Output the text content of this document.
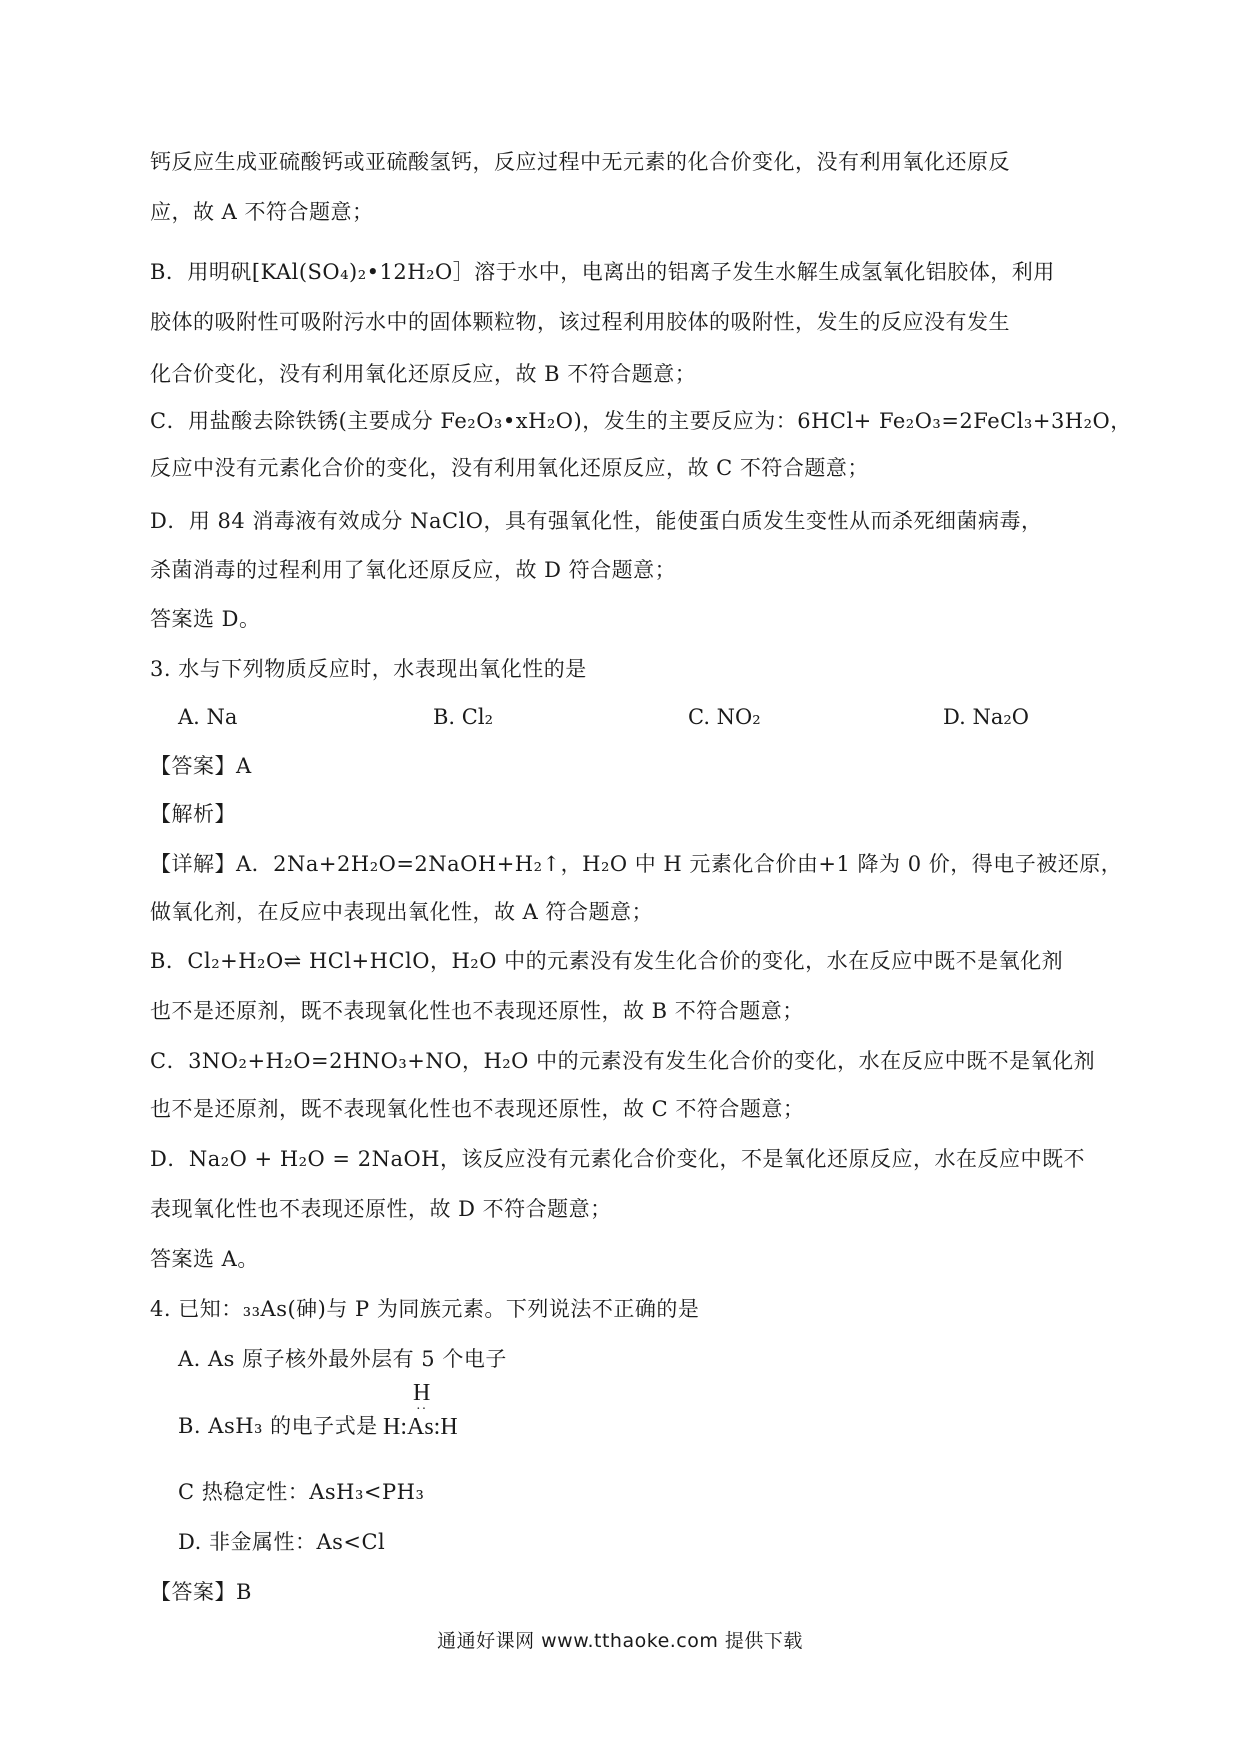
钙反应生成亚硫酸钙或亚硫酸氢钙，反应过程中无元素的化合价变化，没有利用氧化还原反
应，故 A 不符合题意；
B．用明矾[KAl(SO₄)₂•12H₂O］溶于水中，电离出的铝离子发生水解生成氢氧化铝胶体，利用
胶体的吸附性可吸附污水中的固体颗粒物，该过程利用胶体的吸附性，发生的反应没有发生
化合价变化，没有利用氧化还原反应，故 B 不符合题意；
C．用盐酸去除铁锈(主要成分 Fe₂O₃•xH₂O)，发生的主要反应为：6HCl+ Fe₂O₃=2FeCl₃+3H₂O，
反应中没有元素化合价的变化，没有利用氧化还原反应，故 C 不符合题意；
D．用 84 消毒液有效成分 NaClO，具有强氧化性，能使蛋白质发生变性从而杀死细菌病毒，
杀菌消毒的过程利用了氧化还原反应，故 D 符合题意；
答案选 D。
3. 水与下列物质反应时，水表现出氧化性的是
A. Na	B. Cl₂	C. NO₂	D. Na₂O
【答案】A
【解析】
【详解】A．2Na+2H₂O=2NaOH+H₂↑，H₂O 中 H 元素化合价由+1 降为 0 价，得电子被还原，
做氧化剂，在反应中表现出氧化性，故 A 符合题意；
B．Cl₂+H₂O⇌ HCl+HClO，H₂O 中的元素没有发生化合价的变化，水在反应中既不是氧化剂
也不是还原剂，既不表现氧化性也不表现还原性，故 B 不符合题意；
C．3NO₂+H₂O=2HNO₃+NO，H₂O 中的元素没有发生化合价的变化，水在反应中既不是氧化剂
也不是还原剂，既不表现氧化性也不表现还原性，故 C 不符合题意；
D．Na₂O + H₂O = 2NaOH，该反应没有元素化合价变化，不是氧化还原反应，水在反应中既不
表现氧化性也不表现还原性，故 D 不符合题意；
答案选 A。
4. 已知：₃₃As(砷)与 P 为同族元素。下列说法不正确的是
A. As 原子核外最外层有 5 个电子
B. AsH₃ 的电子式是
H
··
H:As:H
C 热稳定性：AsH₃<PH₃
D. 非金属性：As<Cl
【答案】B
通通好课网 www.tthaoke.com 提供下载
